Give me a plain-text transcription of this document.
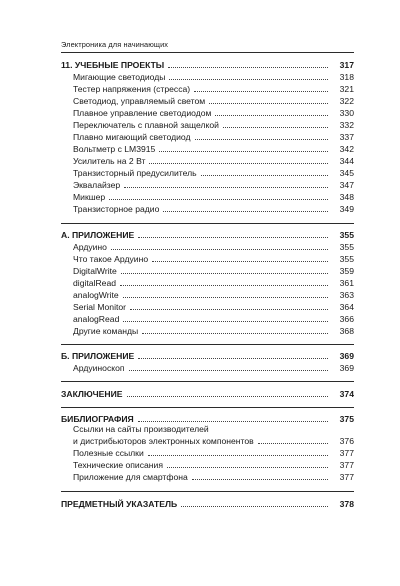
Электроника для начинающих
11. УЧЕБНЫЕ ПРОЕКТЫ	317
Мигающие светодиоды	318
Тестер напряжения (стресса)	321
Светодиод, управляемый светом	322
Плавное управление светодиодом	330
Переключатель с плавной защелкой	332
Плавно мигающий светодиод	337
Вольтметр с LM3915	342
Усилитель на 2 Вт	344
Транзисторный предусилитель	345
Эквалайзер	347
Микшер	348
Транзисторное радио	349
А. ПРИЛОЖЕНИЕ	355
Ардуино	355
Что такое Ардуино	355
DigitalWrite	359
digitalRead	361
analogWrite	363
Serial Monitor	364
analogRead	366
Другие команды	368
Б. ПРИЛОЖЕНИЕ	369
Ардуиноскоп	369
ЗАКЛЮЧЕНИЕ	374
БИБЛИОГРАФИЯ	375
Ссылки на сайты производителей
и дистрибьюторов электронных компонентов	376
Полезные ссылки	377
Технические описания	377
Приложение для смартфона	377
ПРЕДМЕТНЫЙ УКАЗАТЕЛЬ	378
